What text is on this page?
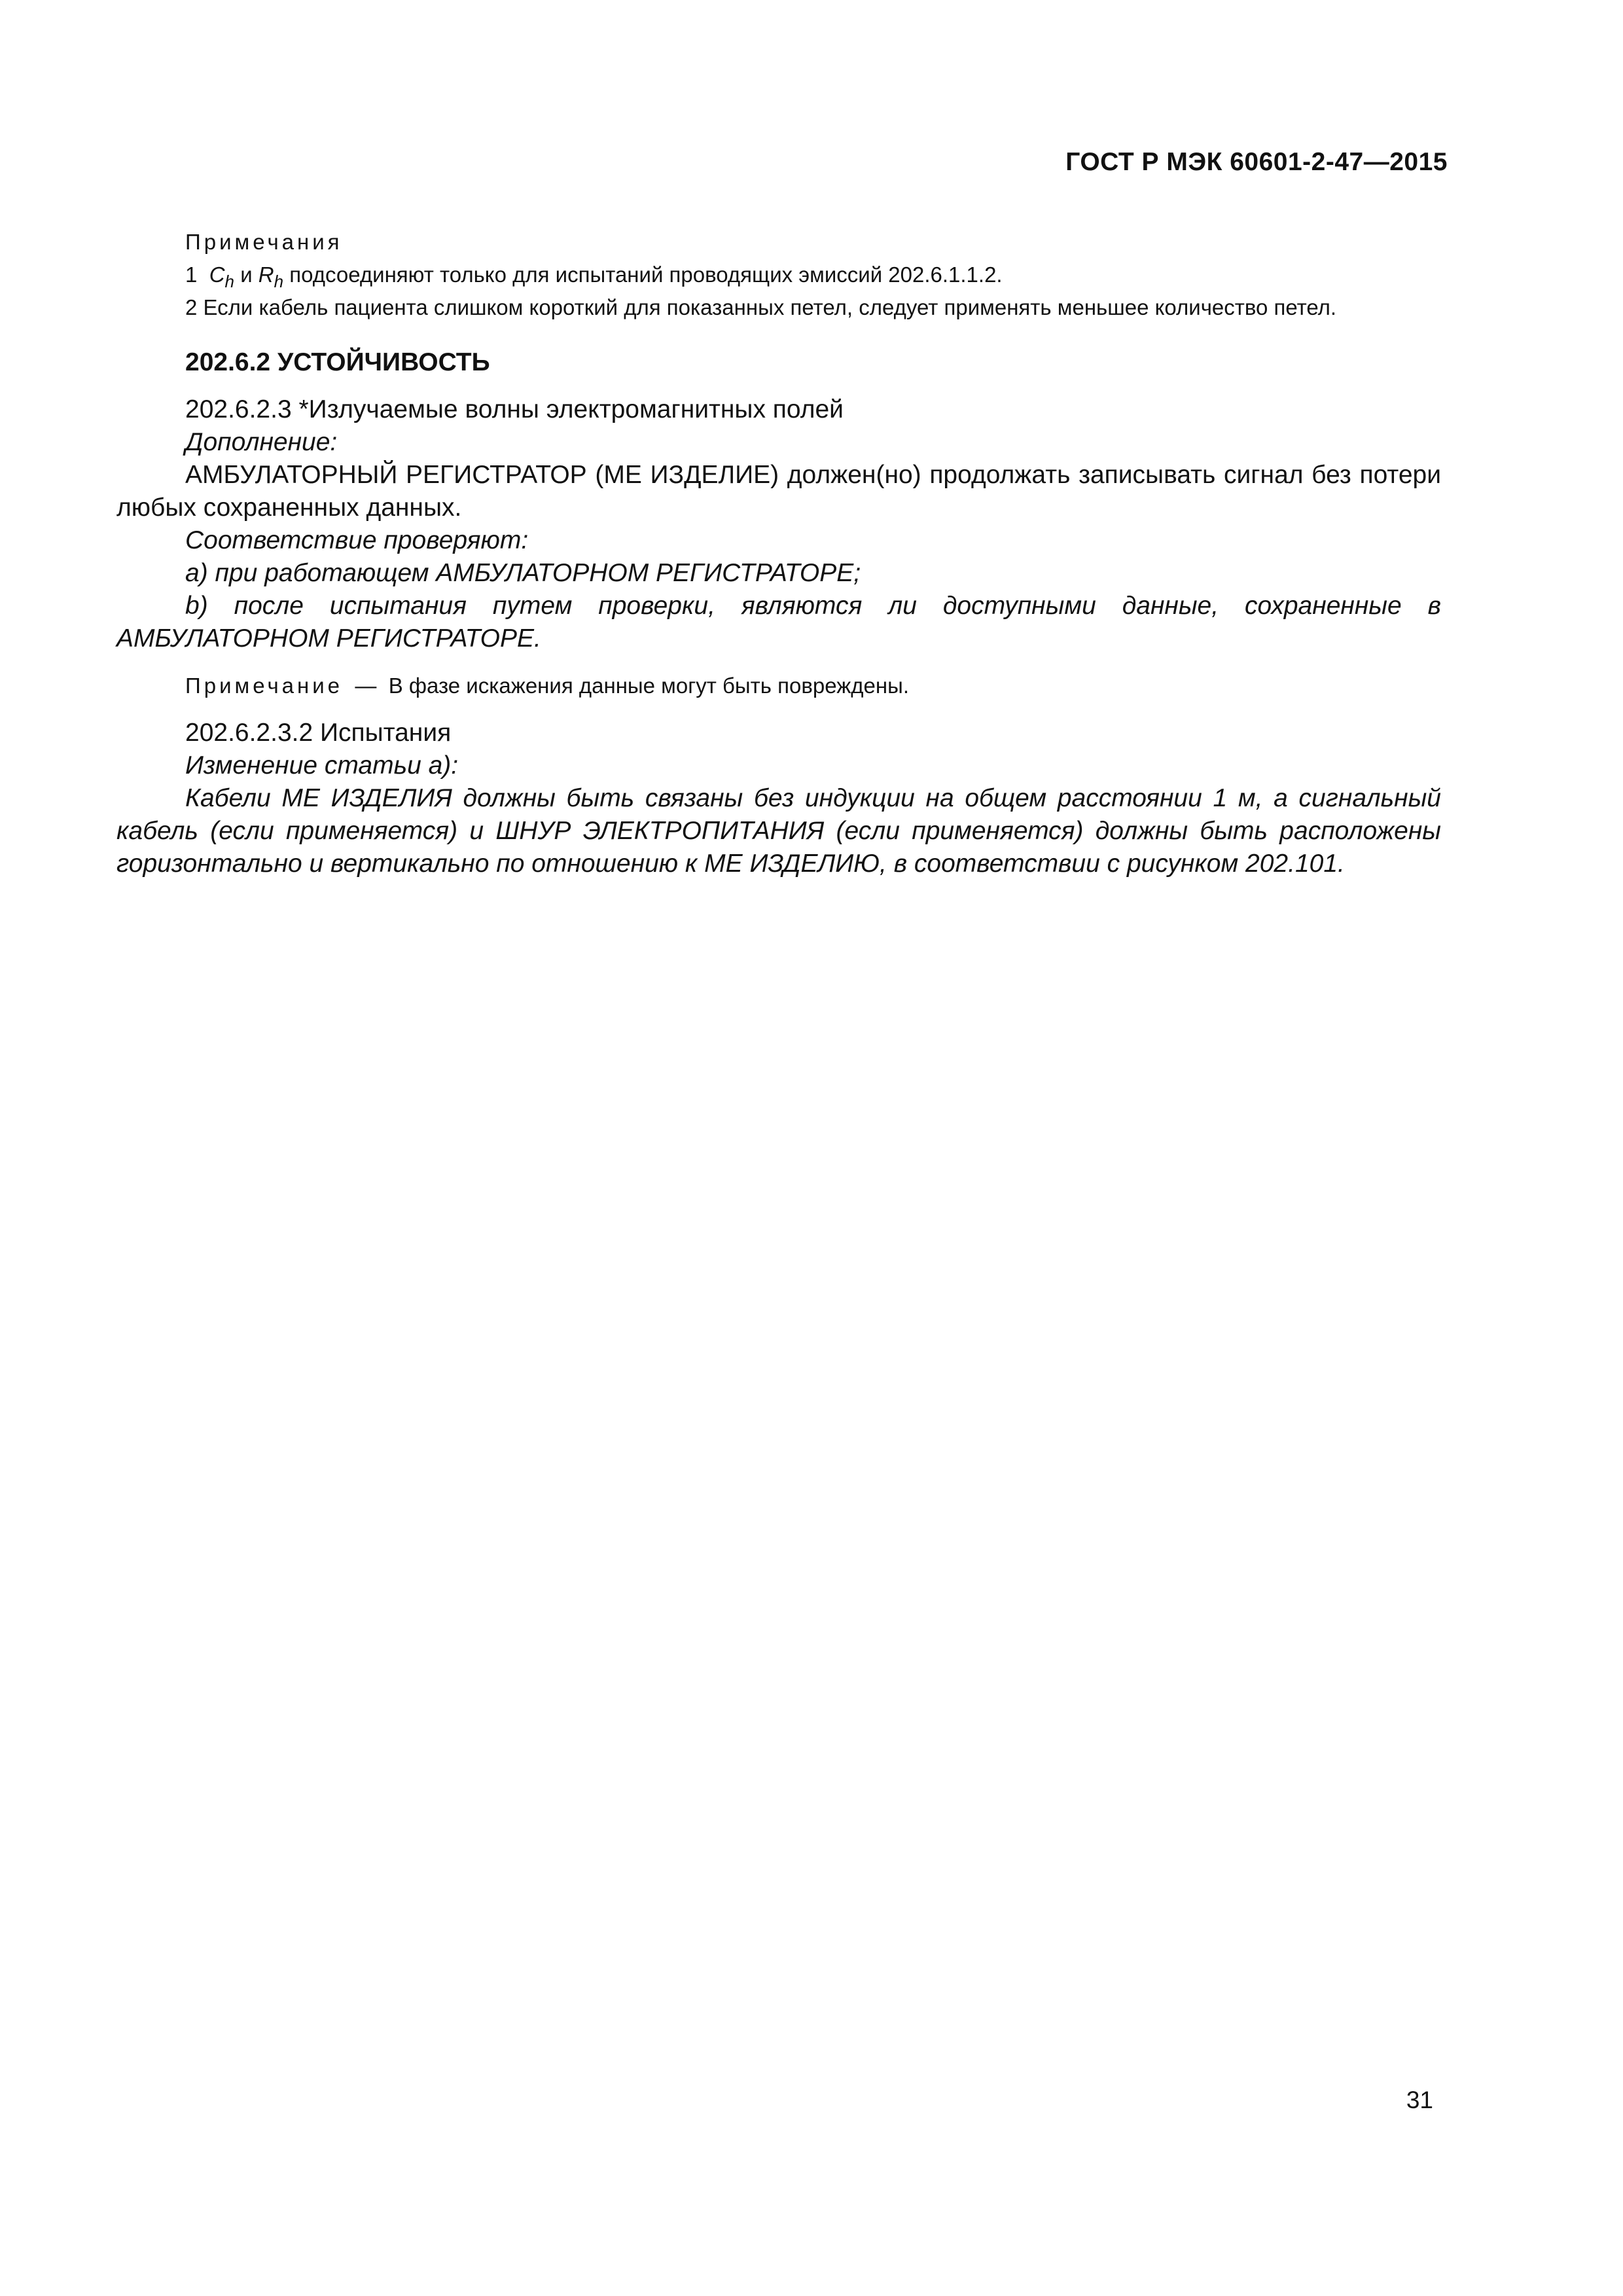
ГОСТ Р МЭК 60601-2-47—2015

Примечания

1 $C_h$ и $R_h$ подсоединяют только для испытаний проводящих эмиссий 202.6.1.1.2.

2 Если кабель пациента слишком короткий для показанных петел, следует применять меньшее количество петел.

202.6.2 УСТОЙЧИВОСТЬ

202.6.2.3 *Излучаемые волны электромагнитных полей

Дополнение:

АМБУЛАТОРНЫЙ РЕГИСТРАТОР (МЕ ИЗДЕЛИЕ) должен(но) продолжать записывать сигнал без потери любых сохраненных данных.

Соответствие проверяют:

a) при работающем АМБУЛАТОРНОМ РЕГИСТРАТОРЕ;

b) после испытания путем проверки, являются ли доступными данные, сохраненные в АМБУЛАТОРНОМ РЕГИСТРАТОРЕ.

Примечание — В фазе искажения данные могут быть повреждены.

202.6.2.3.2 Испытания

Изменение статьи а):

Кабели МЕ ИЗДЕЛИЯ должны быть связаны без индукции на общем расстоянии 1 м, а сигнальный кабель (если применяется) и ШНУР ЭЛЕКТРОПИТАНИЯ (если применяется) должны быть расположены горизонтально и вертикально по отношению к МЕ ИЗДЕЛИЮ, в соответствии с рисунком 202.101.

31
